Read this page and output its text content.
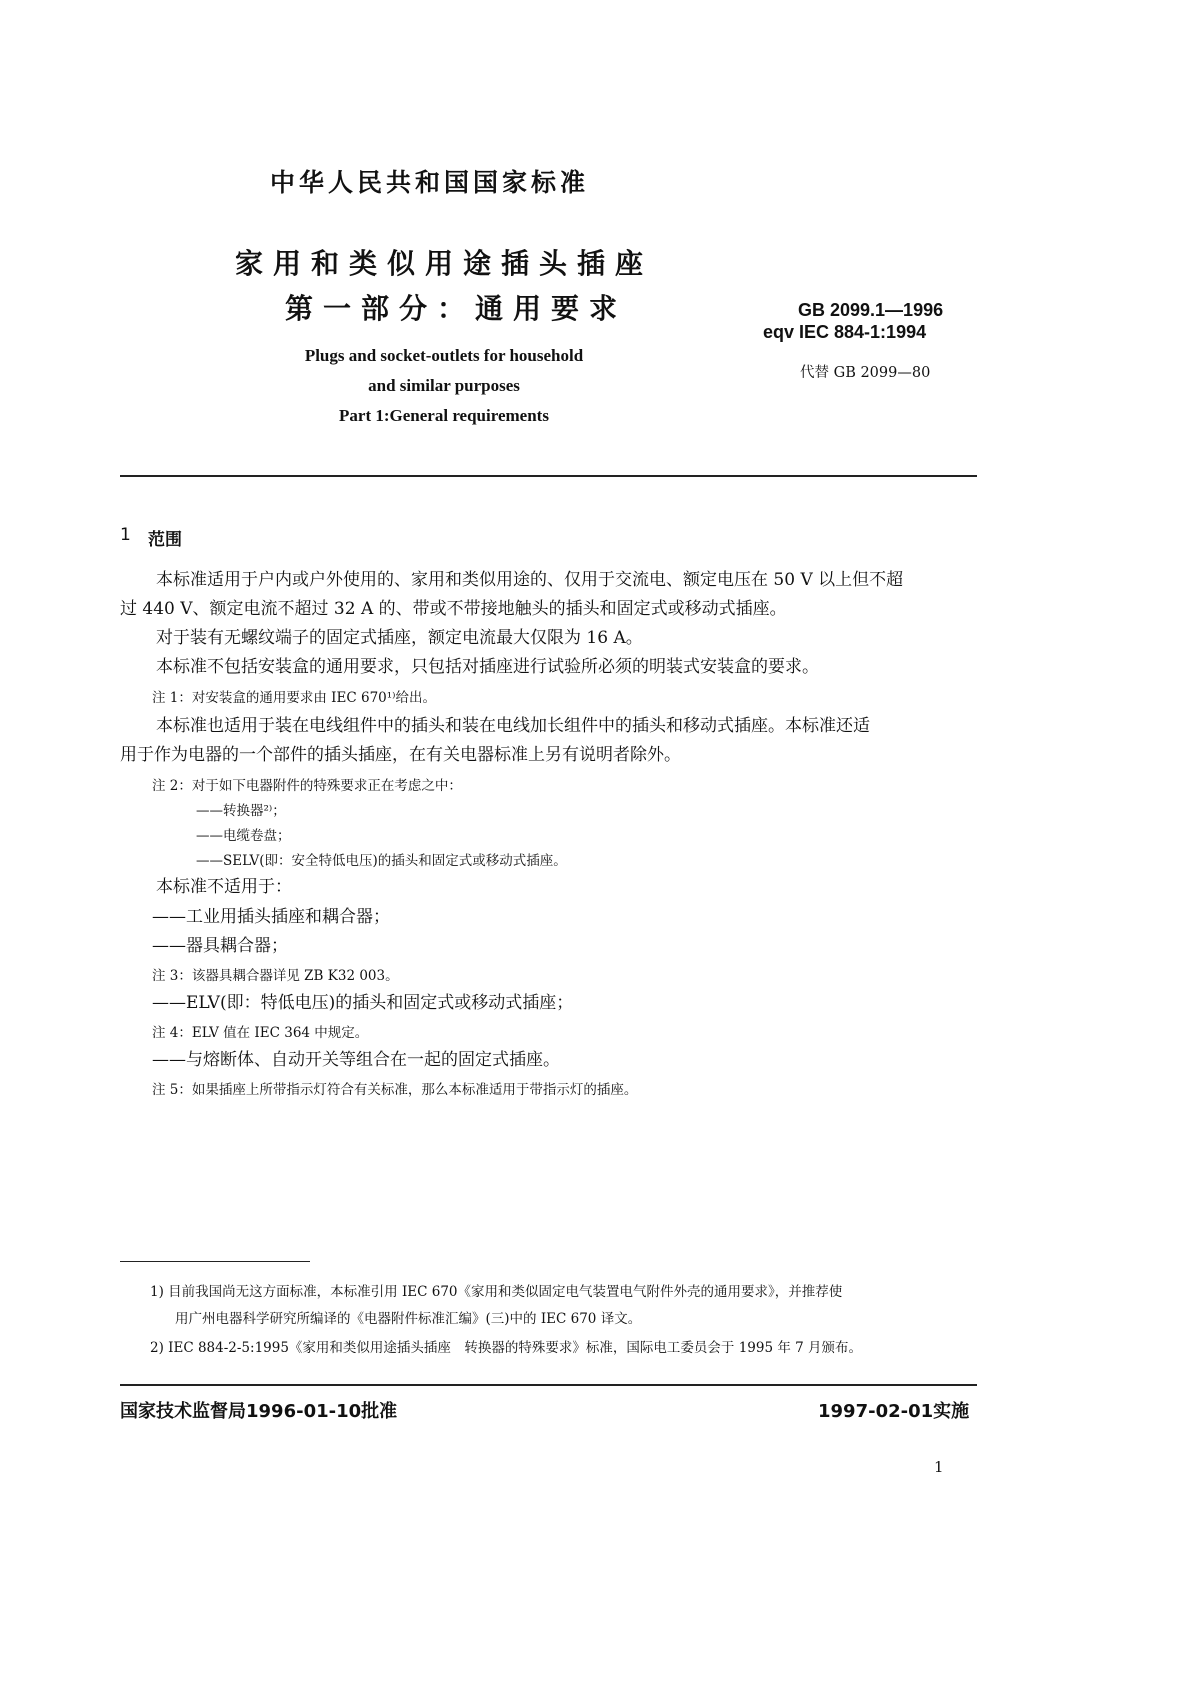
中华人民共和国国家标准
家用和类似用途插头插座
第一部分：通用要求	GB 2099.1—1996
eqv IEC 884-1:1994
代替 GB 2099—80
Plugs and socket-outlets for household
and similar purposes
Part 1:General requirements
1 范围
本标准适用于户内或户外使用的、家用和类似用途的、仅用于交流电、额定电压在 50 V 以上但不超
过 440 V、额定电流不超过 32 A 的、带或不带接地触头的插头和固定式或移动式插座。
对于装有无螺纹端子的固定式插座，额定电流最大仅限为 16 A。
本标准不包括安装盒的通用要求，只包括对插座进行试验所必须的明装式安装盒的要求。
注 1：对安装盒的通用要求由 IEC 670¹⁾给出。
本标准也适用于装在电线组件中的插头和装在电线加长组件中的插头和移动式插座。本标准还适
用于作为电器的一个部件的插头插座，在有关电器标准上另有说明者除外。
注 2：对于如下电器附件的特殊要求正在考虑之中：
——转换器²⁾；
——电缆卷盘；
——SELV(即：安全特低电压)的插头和固定式或移动式插座。
本标准不适用于：
——工业用插头插座和耦合器；
——器具耦合器；
注 3：该器具耦合器详见 ZB K32 003。
——ELV(即：特低电压)的插头和固定式或移动式插座；
注 4：ELV 值在 IEC 364 中规定。
——与熔断体、自动开关等组合在一起的固定式插座。
注 5：如果插座上所带指示灯符合有关标准，那么本标准适用于带指示灯的插座。
1) 目前我国尚无这方面标准，本标准引用 IEC 670《家用和类似固定电气装置电气附件外壳的通用要求》，并推荐使
用广州电器科学研究所编译的《电器附件标准汇编》(三)中的 IEC 670 译文。
2) IEC 884-2-5:1995《家用和类似用途插头插座　转换器的特殊要求》标准，国际电工委员会于 1995 年 7 月颁布。
国家技术监督局1996-01-10批准	1997-02-01实施
1
